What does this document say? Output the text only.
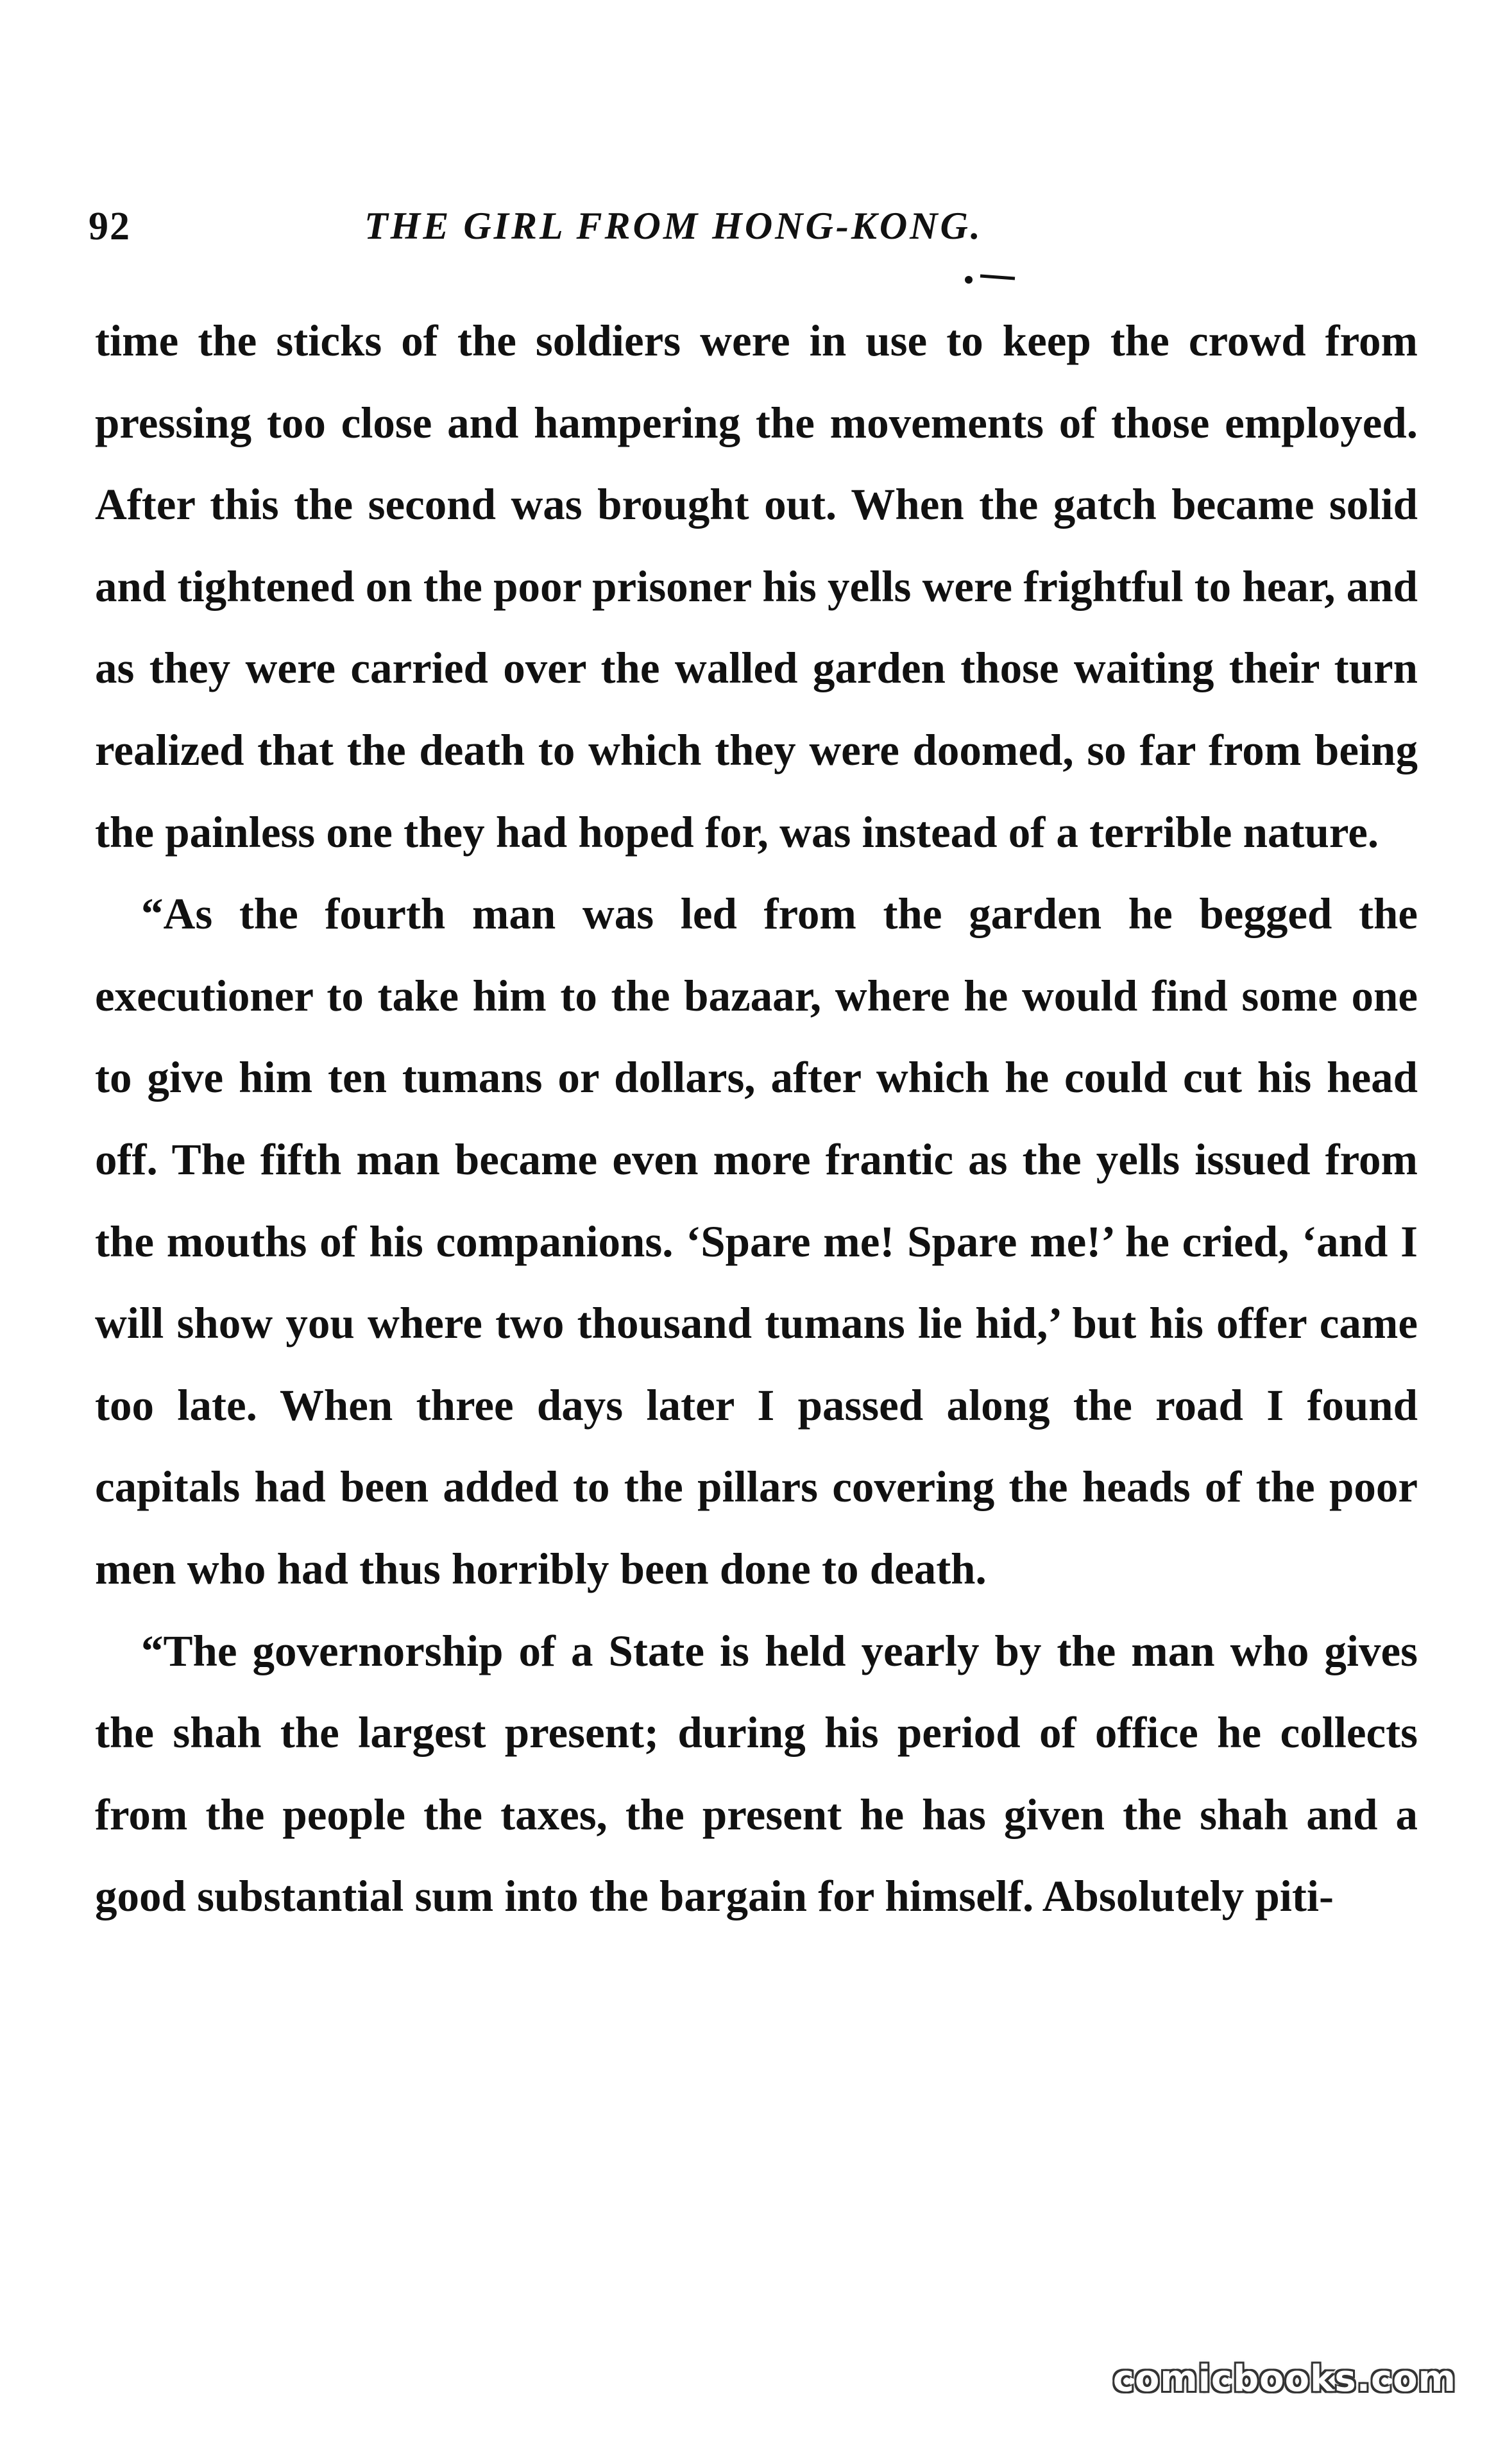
92	THE GIRL FROM HONG-KONG.

time the sticks of the soldiers were in use to keep the crowd from pressing too close and hampering the movements of those employed. After this the second was brought out. When the gatch became solid and tightened on the poor prisoner his yells were frightful to hear, and as they were carried over the walled garden those waiting their turn realized that the death to which they were doomed, so far from being the painless one they had hoped for, was instead of a terrible nature.

“As the fourth man was led from the garden he begged the executioner to take him to the bazaar, where he would find some one to give him ten tumans or dollars, after which he could cut his head off. The fifth man became even more frantic as the yells issued from the mouths of his companions. ‘Spare me! Spare me!’ he cried, ‘and I will show you where two thousand tumans lie hid,’ but his offer came too late. When three days later I passed along the road I found capitals had been added to the pillars covering the heads of the poor men who had thus horribly been done to death.

“The governorship of a State is held yearly by the man who gives the shah the largest present; during his period of office he collects from the people the taxes, the present he has given the shah and a good substantial sum into the bargain for himself. Absolutely piti-

comicbooks.com
